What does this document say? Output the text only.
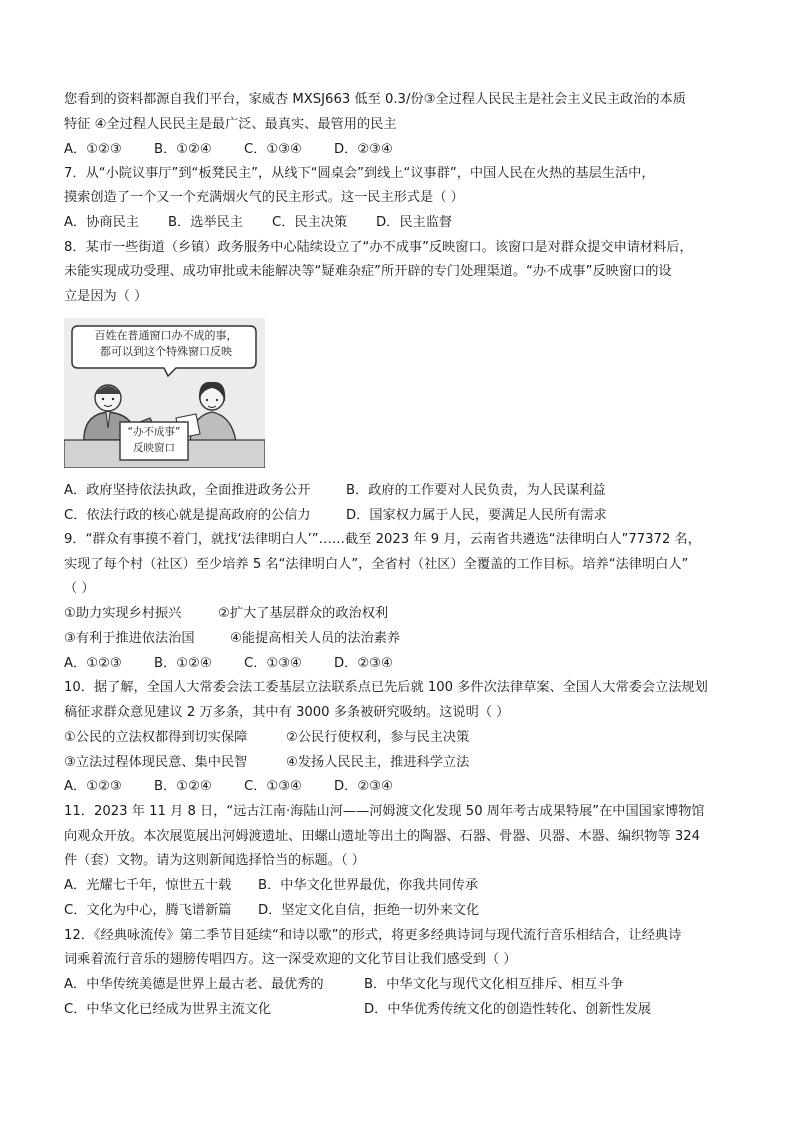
您看到的资料都源自我们平台，家威杏 MXSJ663 低至 0.3/份③全过程人民民主是社会主义民主政治的本质
特征 ④全过程人民民主是最广泛、最真实、最管用的民主
A．①②③ B．①②④ C．①③④ D．②③④
7．从“小院议事厅”到“板凳民主”，从线下“圆桌会”到线上“议事群”，中国人民在火热的基层生活中，
摸索创造了一个又一个充满烟火气的民主形式。这一民主形式是（ ）
A．协商民主 B．选举民主 C．民主决策 D．民主监督
8．某市一些街道（乡镇）政务服务中心陆续设立了“办不成事”反映窗口。该窗口是对群众提交申请材料后，
未能实现成功受理、成功审批或未能解决等“疑难杂症”所开辟的专门处理渠道。“办不成事”反映窗口的设
立是因为（ ）
百姓在普通窗口办不成的事，
都可以到这个特殊窗口反映
“办不成事”
反映窗口
A．政府坚持依法执政，全面推进政务公开	B．政府的工作要对人民负责，为人民谋利益
C．依法行政的核心就是提高政府的公信力	D．国家权力属于人民，要满足人民所有需求
9．“群众有事摸不着门，就找‘法律明白人’”……截至 2023 年 9 月，云南省共遴选“法律明白人”77372 名，
实现了每个村（社区）至少培养 5 名“法律明白人”，全省村（社区）全覆盖的工作目标。培养“法律明白人”
（ ）
①助力实现乡村振兴	②扩大了基层群众的政治权利
③有利于推进依法治国	④能提高相关人员的法治素养
A．①②③ B．①②④ C．①③④ D．②③④
10．据了解，全国人大常委会法工委基层立法联系点已先后就 100 多件次法律草案、全国人大常委会立法规划
稿征求群众意见建议 2 万多条，其中有 3000 多条被研究吸纳。这说明（ ）
①公民的立法权都得到切实保障	②公民行使权利，参与民主决策
③立法过程体现民意、集中民智	④发扬人民民主，推进科学立法
A．①②③ B．①②④ C．①③④ D．②③④
11．2023 年 11 月 8 日，“远古江南·海陆山河——河姆渡文化发现 50 周年考古成果特展”在中国国家博物馆
向观众开放。本次展览展出河姆渡遗址、田螺山遗址等出土的陶器、石器、骨器、贝器、木器、编织物等 324
件（套）文物。请为这则新闻选择恰当的标题。（ ）
A．光耀七千年，惊世五十载 B．中华文化世界最优，你我共同传承
C．文化为中心，腾飞谱新篇 D．坚定文化自信，拒绝一切外来文化
12．《经典咏流传》第二季节目延续“和诗以歌”的形式，将更多经典诗词与现代流行音乐相结合，让经典诗
词乘着流行音乐的翅膀传唱四方。这一深受欢迎的文化节目让我们感受到（ ）
A．中华传统美德是世界上最古老、最优秀的	B．中华文化与现代文化相互排斥、相互斗争
C．中华文化已经成为世界主流文化	D．中华优秀传统文化的创造性转化、创新性发展
